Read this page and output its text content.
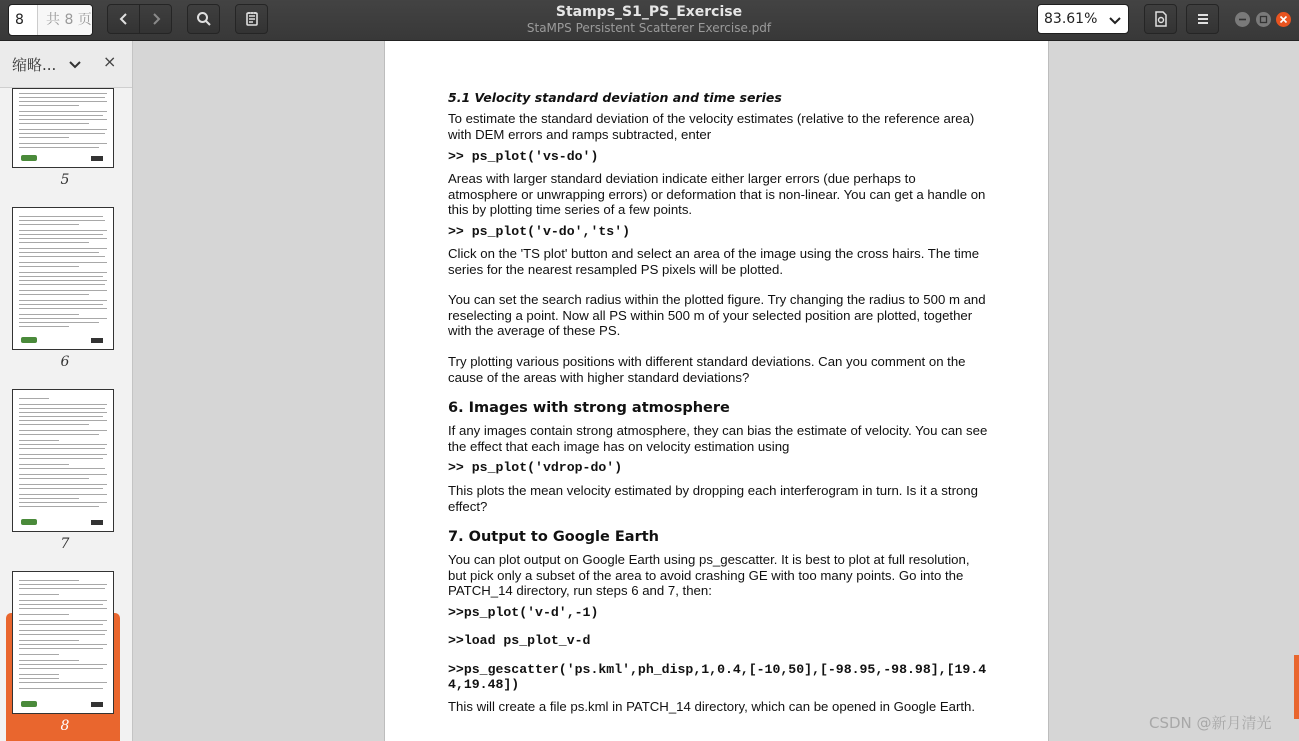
8	共 8 页	Stamps_S1_PS_Exercise
StaMPS Persistent Scatterer Exercise.pdf
83.61%
缩略...	×
5
6
7
8
5.1 Velocity standard deviation and time series
To estimate the standard deviation of the velocity estimates (relative to the reference area) with DEM errors and ramps subtracted, enter
>> ps_plot('vs-do')
Areas with larger standard deviation indicate either larger errors (due perhaps to atmosphere or unwrapping errors) or deformation that is non-linear. You can get a handle on this by plotting time series of a few points.
>> ps_plot('v-do','ts')
Click on the 'TS plot' button and select an area of the image using the cross hairs. The time series for the nearest resampled PS pixels will be plotted.
You can set the search radius within the plotted figure. Try changing the radius to 500 m and reselecting a point. Now all PS within 500 m of your selected position are plotted, together with the average of these PS.
Try plotting various positions with different standard deviations. Can you comment on the cause of the areas with higher standard deviations?
6. Images with strong atmosphere
If any images contain strong atmosphere, they can bias the estimate of velocity. You can see the effect that each image has on velocity estimation using
>> ps_plot('vdrop-do')
This plots the mean velocity estimated by dropping each interferogram in turn. Is it a strong effect?
7. Output to Google Earth
You can plot output on Google Earth using ps_gescatter. It is best to plot at full resolution, but pick only a subset of the area to avoid crashing GE with too many points. Go into the PATCH_14 directory, run steps 6 and 7, then:
>>ps_plot('v-d',-1)
>>load ps_plot_v-d
>>ps_gescatter('ps.kml',ph_disp,1,0.4,[-10,50],[-98.95,-98.98],[19.44,19.48])
This will create a file ps.kml in PATCH_14 directory, which can be opened in Google Earth.
CSDN @新月清光
